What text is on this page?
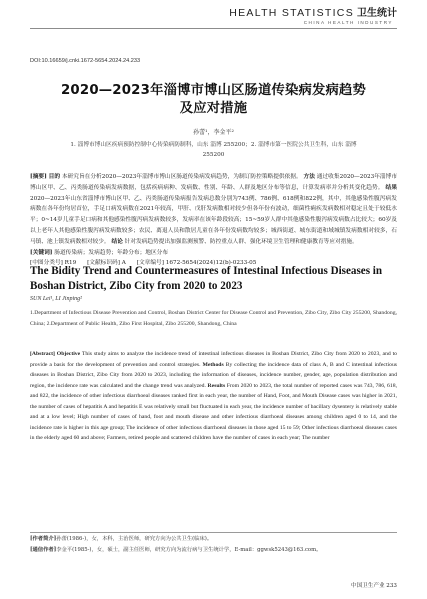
HEALTH STATISTICS 卫生统计
CHINA HEALTH INDUSTRY
DOI:10.16659/j.cnki.1672-5654.2024.24.233
2020—2023年淄博市博山区肠道传染病发病趋势
及应对措施
孙蕾¹，李金平²
1. 淄博市博山区疾病预防控制中心传染病防制科，山东 淄博 255200；2. 淄博市第一医院公共卫生科，山东 淄博
255200
[摘要] 目的 本研究旨在分析2020—2023年淄博市博山区肠道传染病发病趋势，为制订防控策略提供依据。 方法 通过收集2020—2023年淄博市博山区甲、乙、丙类肠道传染病发病数据，包括疾病病种、发病数、性别、年龄、人群及地区分布等信息，计算发病率并分析其变化趋势。 结果 2020—2023年山东省淄博市博山区甲、乙、丙类肠道传染病报告发病总数分别为743例、786例、618例和822例，其中，其他感染性腹泻病发病数在各年份均居首位，手足口病发病数在2021年较高，甲肝、戊肝发病数相对较少但各年份有波动，细菌性痢疾发病数相对稳定且处于较低水平；0~14岁儿童手足口病和其他感染性腹泻病发病数较多，发病率在该年龄段较高；15~59岁人群中其他感染性腹泻病发病数占比较大；60岁及以上老年人其他感染性腹泻病发病数较多；农民、离退人员和散居儿童在各年份发病数均较多；城西街道、城东街道和域城镇发病数相对较多，石马镇、池上镇发病数相对较少。 结论 针对发病趋势提出加强监测预警、防控重点人群、强化环境卫生管理和健康教育等应对措施。
[关键词] 肠道传染病；发病趋势；年龄分布；地区分布
[中图分类号] R19 [文献标识码] A [文章编号] 1672-5654(2024)12(b)-0233-05
The Bidity Trend and Countermeasures of Intestinal Infectious Diseases in
Boshan District, Zibo City from 2020 to 2023
SUN Lei¹, LI Jinping²
1.Department of Infectious Disease Prevention and Control, Boshan District Center for Disease Control and Prevention, Zibo City, Zibo City 255200, Shandong, China; 2.Department of Public Health, Zibo First Hospital, Zibo 255200, Shandong, China
[Abstract] Objective This study aims to analyze the incidence trend of intestinal infectious diseases in Boshan District, Zibo City from 2020 to 2023, and to provide a basis for the development of prevention and control strategies. Methods By collecting the incidence data of class A, B and C intestinal infectious diseases in Boshan District, Zibo City from 2020 to 2023, including the information of diseases, incidence number, gender, age, population distribution and region, the incidence rate was calculated and the change trend was analyzed. Results From 2020 to 2023, the total number of reported cases was 743, 786, 618, and 822, the incidence of other infectious diarrhoeal diseases ranked first in each year, the number of Hand, Foot, and Mouth Disease cases was higher in 2021, the number of cases of hepatitis A and hepatitis E was relatively small but fluctuated in each year, the incidence number of bacillary dysentery is relatively stable and at a low level; High number of cases of hand, foot and mouth disease and other infectious diarrhoeal diseases among children aged 0 to 14, and the incidence rate is higher in this age group; The incidence of other infectious diarrhoeal diseases in those aged 15 to 59; Other infectious diarrhoeal diseases cases in the elderly aged 60 and above; Farmers, retired people and scattered children have the number of cases in each year; The number
[作者简介]孙蕾(1986-)，女，本科，主治医师，研究方向为公共卫生(临床)。
[通信作者]李金平(1985-)，女，硕士，副主任医师，研究方向为流行病与卫生统计学，E-mail：ggwsk5243@163.com。
中国卫生产业 233
